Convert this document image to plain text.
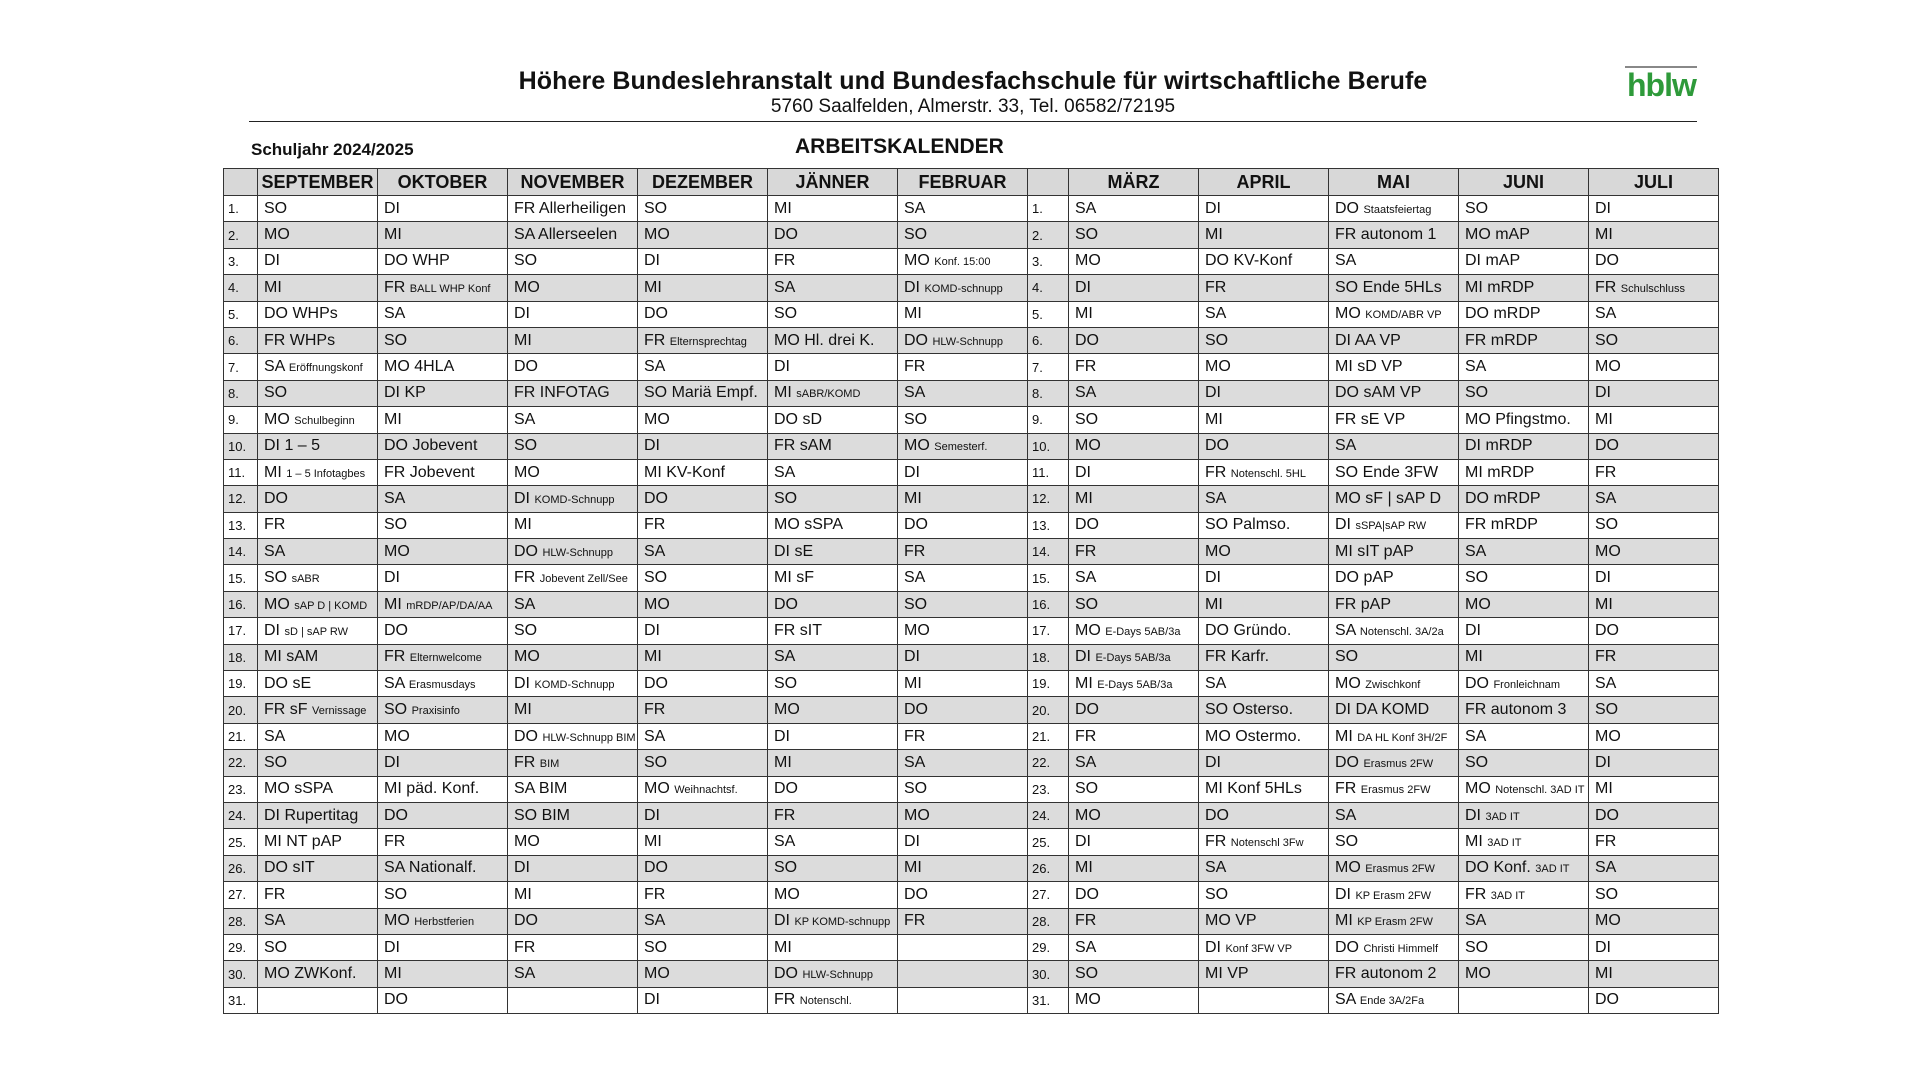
Höhere Bundeslehranstalt und Bundesfachschule für wirtschaftliche Berufe
5760 Saalfelden, Almerstr. 33, Tel. 06582/72195
hblw
Schuljahr 2024/2025	ARBEITSKALENDER
	SEPTEMBER	OKTOBER	NOVEMBER	DEZEMBER	JÄNNER	FEBRUAR		MÄRZ	APRIL	MAI	JUNI	JULI
1.	SO	DI	FR Allerheiligen	SO	MI	SA	1.	SA	DI	DO Staatsfeiertag	SO	DI
2.	MO	MI	SA Allerseelen	MO	DO	SO	2.	SO	MI	FR autonom 1	MO mAP	MI
3.	DI	DO WHP	SO	DI	FR	MO Konf. 15:00	3.	MO	DO KV-Konf	SA	DI mAP	DO
4.	MI	FR BALL WHP Konf	MO	MI	SA	DI KOMD-schnupp	4.	DI	FR	SO Ende 5HLs	MI mRDP	FR Schulschluss
5.	DO WHPs	SA	DI	DO	SO	MI	5.	MI	SA	MO KOMD/ABR VP	DO mRDP	SA
6.	FR WHPs	SO	MI	FR Elternsprechtag	MO Hl. drei K.	DO HLW-Schnupp	6.	DO	SO	DI AA VP	FR mRDP	SO
7.	SA Eröffnungskonf	MO 4HLA	DO	SA	DI	FR	7.	FR	MO	MI sD VP	SA	MO
8.	SO	DI KP	FR INFOTAG	SO Mariä Empf.	MI sABR/KOMD	SA	8.	SA	DI	DO sAM VP	SO	DI
9.	MO Schulbeginn	MI	SA	MO	DO sD	SO	9.	SO	MI	FR sE VP	MO Pfingstmo.	MI
10.	DI 1 – 5	DO Jobevent	SO	DI	FR sAM	MO Semesterf.	10.	MO	DO	SA	DI mRDP	DO
11.	MI 1 – 5 Infotagbes	FR Jobevent	MO	MI KV-Konf	SA	DI	11.	DI	FR Notenschl. 5HL	SO Ende 3FW	MI mRDP	FR
12.	DO	SA	DI KOMD-Schnupp	DO	SO	MI	12.	MI	SA	MO sF | sAP D	DO mRDP	SA
13.	FR	SO	MI	FR	MO sSPA	DO	13.	DO	SO Palmso.	DI sSPA|sAP RW	FR mRDP	SO
14.	SA	MO	DO HLW-Schnupp	SA	DI sE	FR	14.	FR	MO	MI sIT pAP	SA	MO
15.	SO sABR	DI	FR Jobevent Zell/See	SO	MI sF	SA	15.	SA	DI	DO pAP	SO	DI
16.	MO sAP D | KOMD	MI mRDP/AP/DA/AA	SA	MO	DO	SO	16.	SO	MI	FR pAP	MO	MI
17.	DI sD | sAP RW	DO	SO	DI	FR sIT	MO	17.	MO E-Days 5AB/3a	DO Gründo.	SA Notenschl. 3A/2a	DI	DO
18.	MI sAM	FR Elternwelcome	MO	MI	SA	DI	18.	DI E-Days 5AB/3a	FR Karfr.	SO	MI	FR
19.	DO sE	SA Erasmusdays	DI KOMD-Schnupp	DO	SO	MI	19.	MI E-Days 5AB/3a	SA	MO Zwischkonf	DO Fronleichnam	SA
20.	FR sF Vernissage	SO Praxisinfo	MI	FR	MO	DO	20.	DO	SO Osterso.	DI DA KOMD	FR autonom 3	SO
21.	SA	MO	DO HLW-Schnupp BIM	SA	DI	FR	21.	FR	MO Ostermo.	MI DA HL Konf 3H/2F	SA	MO
22.	SO	DI	FR BIM	SO	MI	SA	22.	SA	DI	DO Erasmus 2FW	SO	DI
23.	MO sSPA	MI päd. Konf.	SA BIM	MO Weihnachtsf.	DO	SO	23.	SO	MI Konf 5HLs	FR Erasmus 2FW	MO Notenschl. 3AD IT	MI
24.	DI Rupertitag	DO	SO BIM	DI	FR	MO	24.	MO	DO	SA	DI 3AD IT	DO
25.	MI NT pAP	FR	MO	MI	SA	DI	25.	DI	FR Notenschl 3Fw	SO	MI 3AD IT	FR
26.	DO sIT	SA Nationalf.	DI	DO	SO	MI	26.	MI	SA	MO Erasmus 2FW	DO Konf. 3AD IT	SA
27.	FR	SO	MI	FR	MO	DO	27.	DO	SO	DI KP Erasm 2FW	FR 3AD IT	SO
28.	SA	MO Herbstferien	DO	SA	DI KP KOMD-schnupp	FR	28.	FR	MO VP	MI KP Erasm 2FW	SA	MO
29.	SO	DI	FR	SO	MI		29.	SA	DI Konf 3FW VP	DO Christi Himmelf	SO	DI
30.	MO ZWKonf.	MI	SA	MO	DO HLW-Schnupp		30.	SO	MI VP	FR autonom 2	MO	MI
31.		DO		DI	FR Notenschl.		31.	MO		SA Ende 3A/2Fa		DO
